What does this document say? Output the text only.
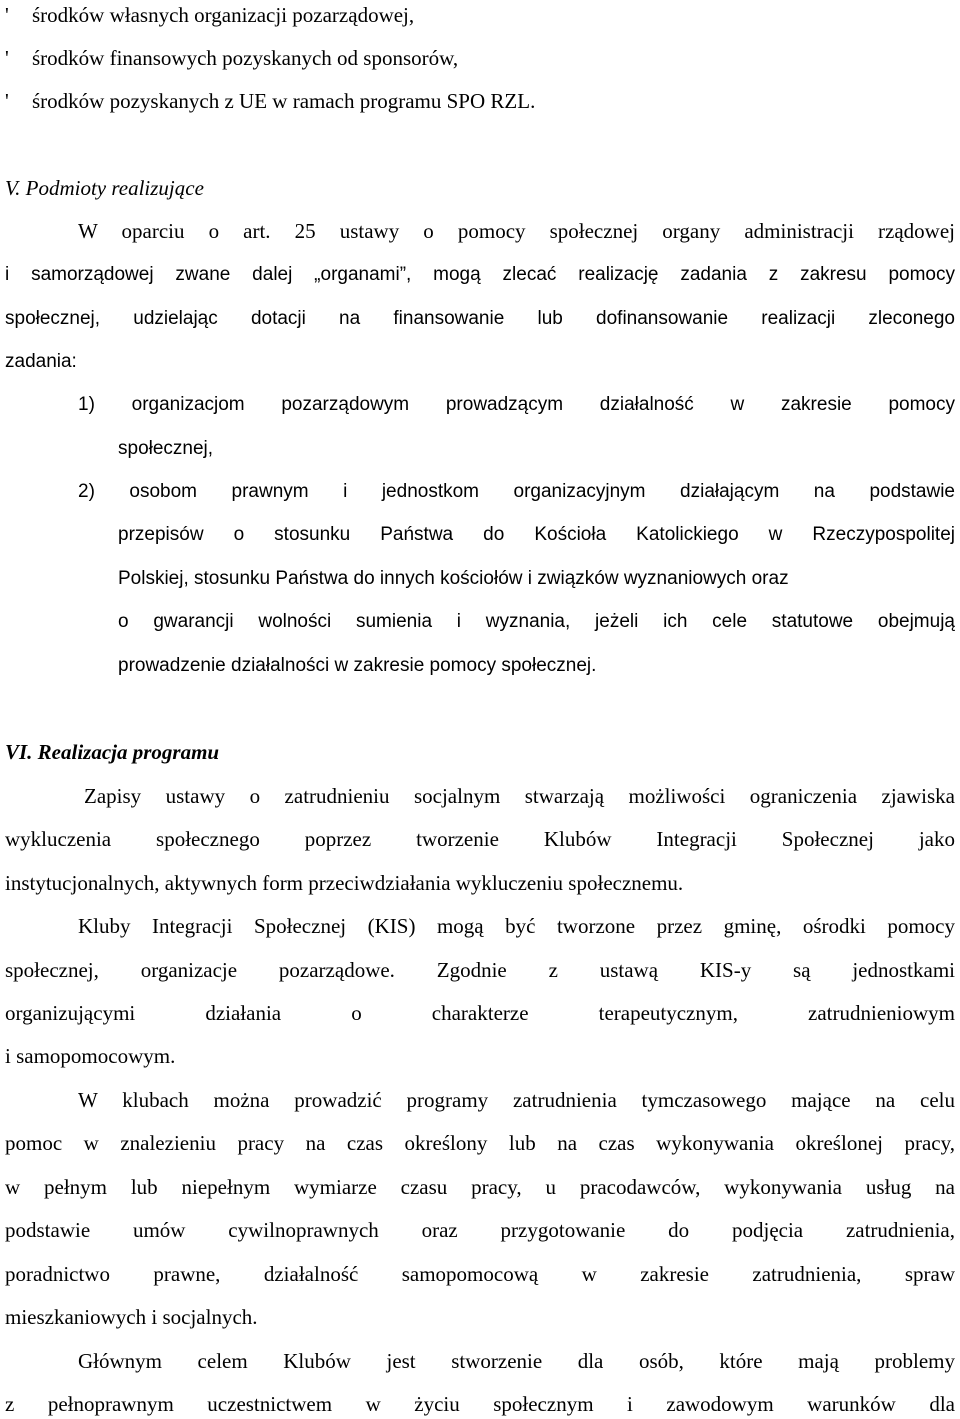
' środków własnych organizacji pozarządowej,
' środków finansowych pozyskanych od sponsorów,
' środków pozyskanych z UE w ramach programu SPO RZL.
V. Podmioty realizujące
W oparciu o art. 25 ustawy o pomocy społecznej organy administracji rządowej
i samorządowej zwane dalej „organami”, mogą zlecać realizację zadania z zakresu pomocy
społecznej, udzielając dotacji na finansowanie lub dofinansowanie realizacji zleconego
zadania:
1) organizacjom pozarządowym prowadzącym działalność w zakresie pomocy
społecznej,
2) osobom prawnym i jednostkom organizacyjnym działającym na podstawie
przepisów o stosunku Państwa do Kościoła Katolickiego w Rzeczypospolitej
Polskiej, stosunku Państwa do innych kościołów i związków wyznaniowych oraz
o gwarancji wolności sumienia i wyznania, jeżeli ich cele statutowe obejmują
prowadzenie działalności w zakresie pomocy społecznej.
VI. Realizacja programu
Zapisy ustawy o zatrudnieniu socjalnym stwarzają możliwości ograniczenia zjawiska
wykluczenia społecznego poprzez tworzenie Klubów Integracji Społecznej jako
instytucjonalnych, aktywnych form przeciwdziałania wykluczeniu społecznemu.
Kluby Integracji Społecznej (KIS) mogą być tworzone przez gminę, ośrodki pomocy
społecznej, organizacje pozarządowe. Zgodnie z ustawą KIS-y są jednostkami
organizującymi działania o charakterze terapeutycznym, zatrudnieniowym
i samopomocowym.
W klubach można prowadzić programy zatrudnienia tymczasowego mające na celu
pomoc w znalezieniu pracy na czas określony lub na czas wykonywania określonej pracy,
w pełnym lub niepełnym wymiarze czasu pracy, u pracodawców, wykonywania usług na
podstawie umów cywilnoprawnych oraz przygotowanie do podjęcia zatrudnienia,
poradnictwo prawne, działalność samopomocową w zakresie zatrudnienia, spraw
mieszkaniowych i socjalnych.
Głównym celem Klubów jest stworzenie dla osób, które mają problemy
z pełnoprawnym uczestnictwem w życiu społecznym i zawodowym warunków dla
